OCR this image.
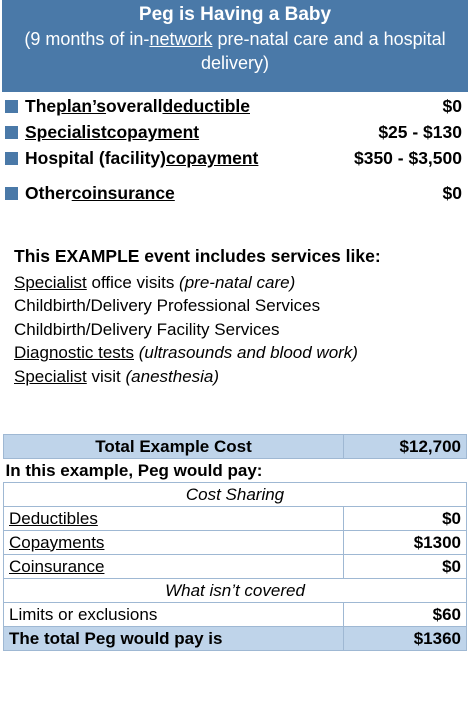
Peg is Having a Baby
(9 months of in-network pre-natal care and a hospital delivery)
The plan’s overall deductible	$0
Specialist copayment	$25 - $130
Hospital (facility) copayment	$350 - $3,500
Other coinsurance	$0
This EXAMPLE event includes services like:
Specialist office visits (pre-natal care)
Childbirth/Delivery Professional Services
Childbirth/Delivery Facility Services
Diagnostic tests (ultrasounds and blood work)
Specialist visit (anesthesia)
Total Example Cost	$12,700
In this example, Peg would pay:	
Cost Sharing	
Deductibles	$0
Copayments	$1300
Coinsurance	$0
What isn’t covered	
Limits or exclusions	$60
The total Peg would pay is	$1360
